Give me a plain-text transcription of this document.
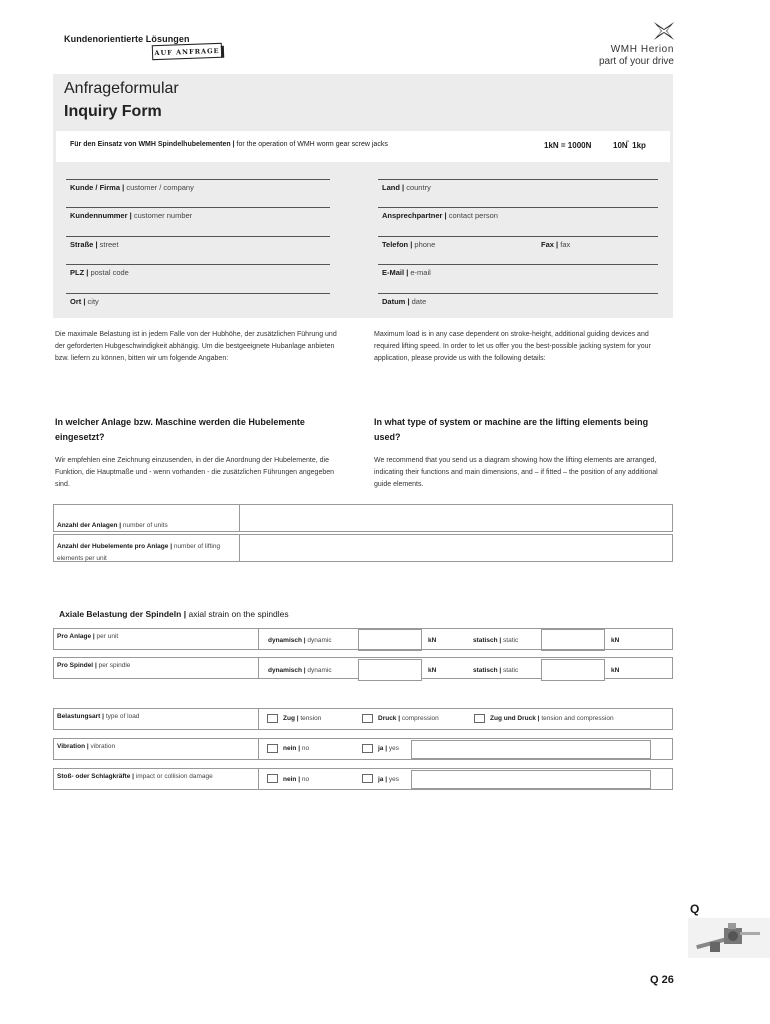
Kundenorientierte Lösungen
AUF ANFRAGE	WMH Herion
part of your drive
Anfrageformular
Inquiry Form
Für den Einsatz von WMH Spindelhubelementen | for the operation of WMH worm gear screw jacks	1kN = 1000N	10N ̃ 1kp
Kunde / Firma | customer / company
Kundennummer | customer number
Straße | street
PLZ | postal code
Ort | city
Land | country
Ansprechpartner | contact person
Telefon | phone	Fax | fax
E-Mail | e-mail
Datum | date
Die maximale Belastung ist in jedem Falle von der Hubhöhe, der zusätzlichen Führung und der geforderten Hubgeschwindigkeit abhängig. Um die bestgeeignete Hubanlage anbieten bzw. liefern zu können, bitten wir um folgende Angaben:
Maximum load is in any case dependent on stroke-height, additional guiding devices and required lifting speed. In order to let us offer you the best-possible jacking system for your application, please provide us with the following details:
In welcher Anlage bzw. Maschine werden die Hubelemente eingesetzt?
In what type of system or machine are the lifting elements being used?
Wir empfehlen eine Zeichnung einzusenden, in der die Anordnung der Hubelemente, die Funktion, die Hauptmaße und - wenn vorhanden - die zusätzlichen Führungen angegeben sind.
We recommend that you send us a diagram showing how the lifting elements are arranged, indicating their functions and main dimensions, and – if fitted – the position of any additional guide elements.
Anzahl der Anlagen | number of units
Anzahl der Hubelemente pro Anlage | number of lifting elements per unit
Axiale Belastung der Spindeln | axial strain on the spindles
Pro Anlage | per unit
dynamisch | dynamic	kN	statisch | static	kN
Pro Spindel | per spindle
dynamisch | dynamic	kN	statisch | static	kN
Belastungsart | type of load	Zug | tension	Druck | compression	Zug und Druck | tension and compression
Vibration | vibration	nein | no	ja | yes
Stoß- oder Schlagkräfte | impact or collision damage	nein | no	ja | yes
Q
Q 26
